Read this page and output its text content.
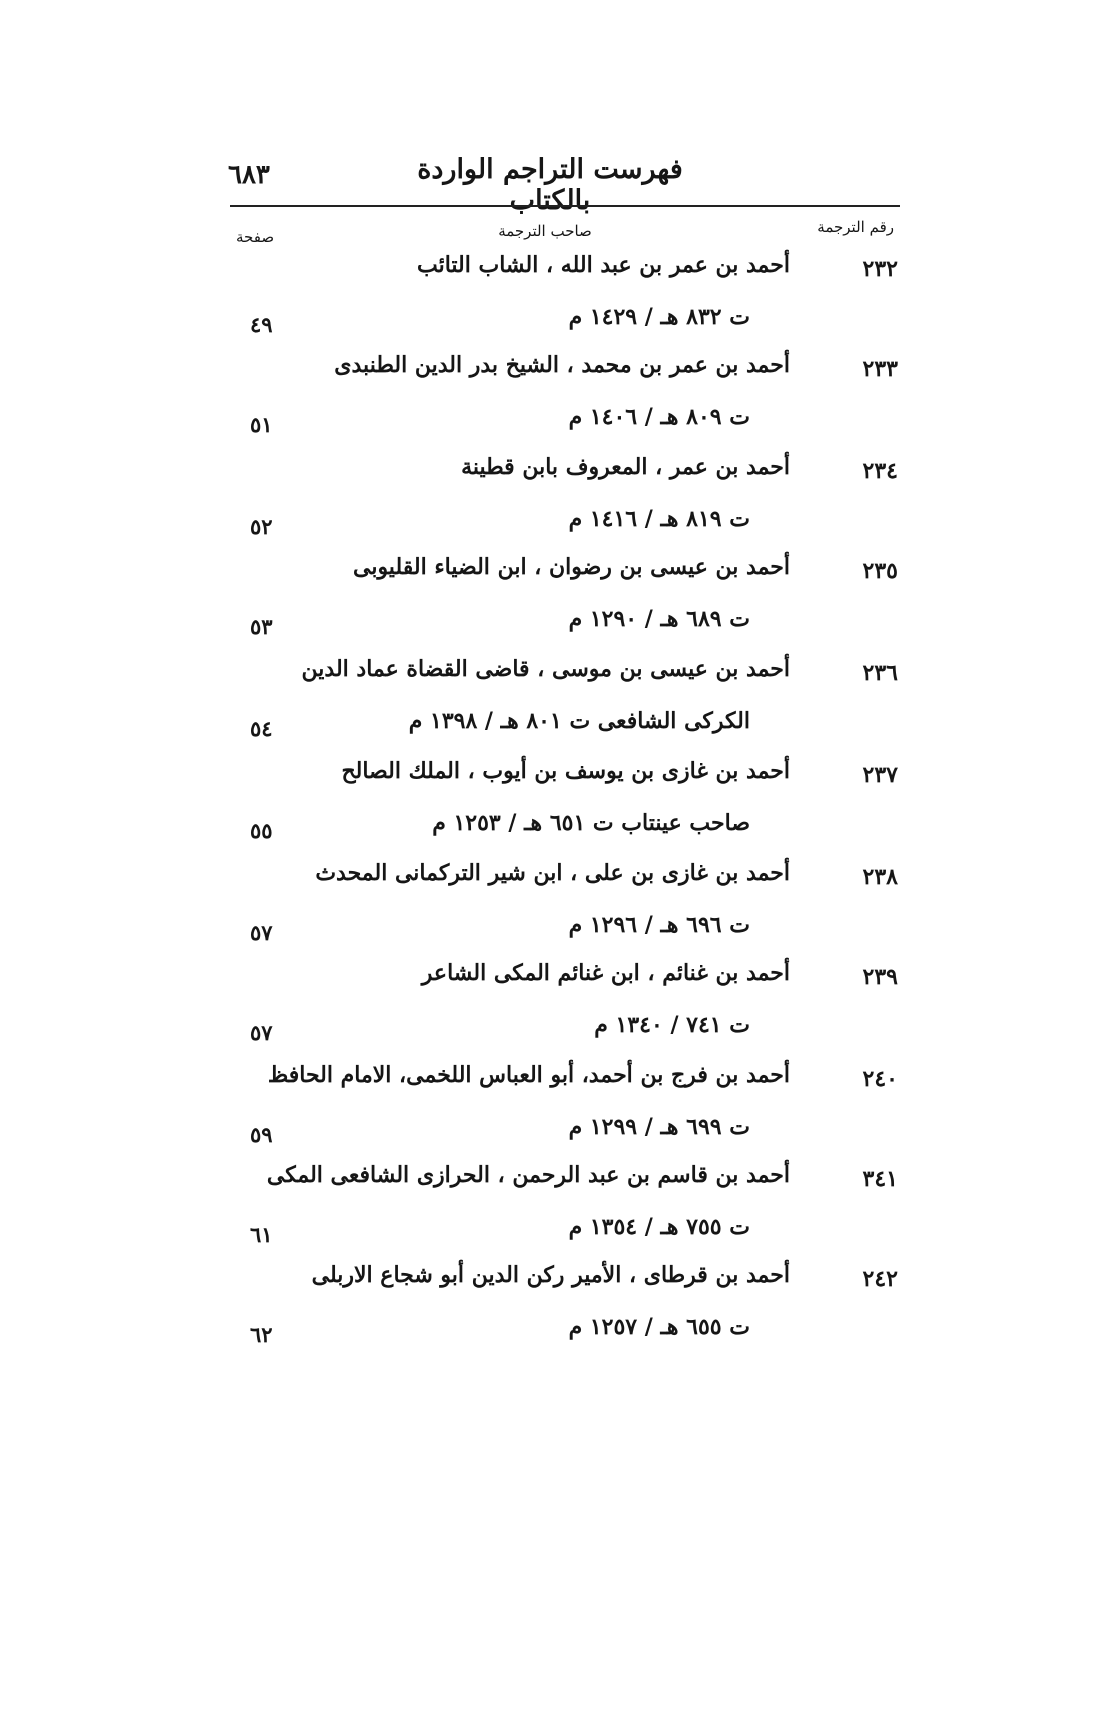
٦٨٣	فهرست التراجم الواردة بالكتاب
رقم الترجمة
صاحب الترجمة
صفحة
٢٣٢
أحمد بن عمر بن عبد الله ، الشاب التائب
ت ٨٣٢ هـ / ١٤٢٩ م
٤٩
٢٣٣
أحمد بن عمر بن محمد ، الشيخ بدر الدين الطنبدى
ت ٨٠٩ هـ / ١٤٠٦ م
٥١
٢٣٤
أحمد بن عمر ، المعروف بابن قطينة
ت ٨١٩ هـ / ١٤١٦ م
٥٢
٢٣٥
أحمد بن عيسى بن رضوان ، ابن الضياء القليوبى
ت ٦٨٩ هـ / ١٢٩٠ م
٥٣
٢٣٦
أحمد بن عيسى بن موسى ، قاضى القضاة عماد الدين
الكركى الشافعى ت ٨٠١ هـ / ١٣٩٨ م
٥٤
٢٣٧
أحمد بن غازى بن يوسف بن أيوب ، الملك الصالح
صاحب عينتاب ت ٦٥١ هـ / ١٢٥٣ م
٥٥
٢٣٨
أحمد بن غازى بن على ، ابن شير التركمانى المحدث
ت ٦٩٦ هـ / ١٢٩٦ م
٥٧
٢٣٩
أحمد بن غنائم ، ابن غنائم المكى الشاعر
ت ٧٤١ / ١٣٤٠ م
٥٧
٢٤٠
أحمد بن فرج بن أحمد، أبو العباس اللخمى، الامام الحافظ
ت ٦٩٩ هـ / ١٢٩٩ م
٥٩
٣٤١
أحمد بن قاسم بن عبد الرحمن ، الحرازى الشافعى المكى
ت ٧٥٥ هـ / ١٣٥٤ م
٦١
٢٤٢
أحمد بن قرطاى ، الأمير ركن الدين أبو شجاع الاربلى
ت ٦٥٥ هـ / ١٢٥٧ م
٦٢
